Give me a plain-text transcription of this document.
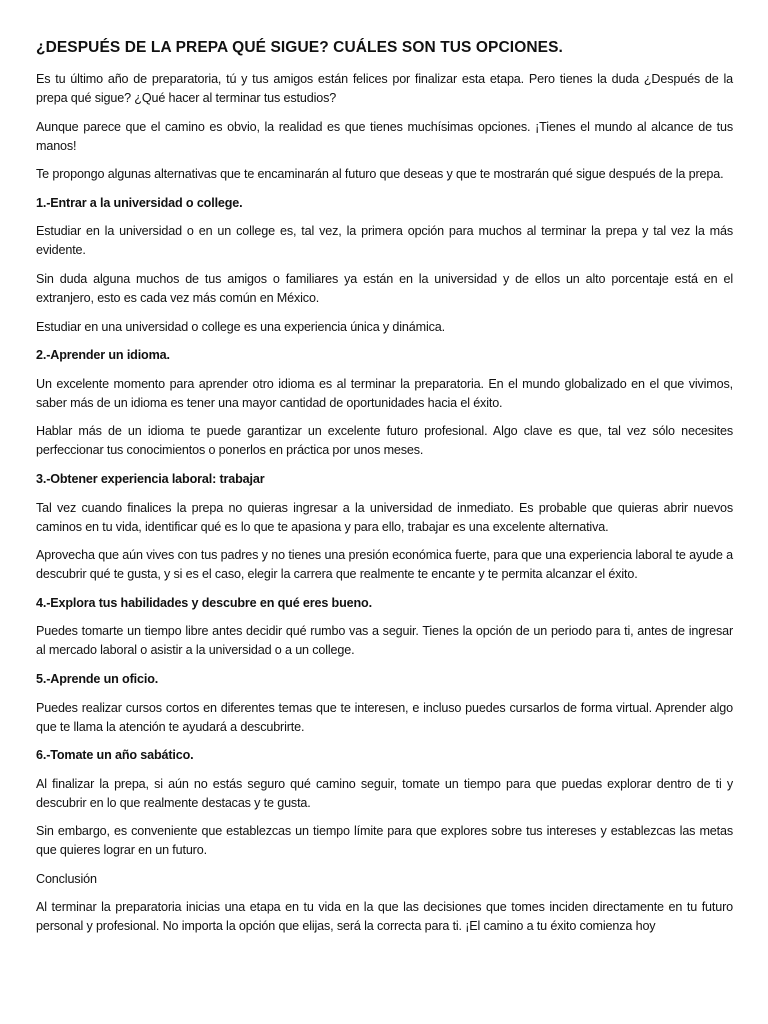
¿DESPUÉS DE LA PREPA QUÉ SIGUE? CUÁLES SON TUS OPCIONES.

Es tu último año de preparatoria, tú y tus amigos están felices por finalizar esta etapa. Pero tienes la duda ¿Después de la prepa qué sigue? ¿Qué hacer al terminar tus estudios?

Aunque parece que el camino es obvio, la realidad es que tienes muchísimas opciones. ¡Tienes el mundo al alcance de tus manos!

Te propongo algunas alternativas que te encaminarán al futuro que deseas y que te mostrarán qué sigue después de la prepa.

1.-Entrar a la universidad o college.

Estudiar en la universidad o en un college es, tal vez, la primera opción para muchos al terminar la prepa y tal vez la más evidente.

Sin duda alguna muchos de tus amigos o familiares ya están en la universidad y de ellos un alto porcentaje está en el extranjero, esto es cada vez más común en México.

Estudiar en una universidad o college es una experiencia única y dinámica.

2.-Aprender un idioma.

Un excelente momento para aprender otro idioma es al terminar la preparatoria. En el mundo globalizado en el que vivimos, saber más de un idioma es tener una mayor cantidad de oportunidades hacia el éxito.

Hablar más de un idioma te puede garantizar un excelente futuro profesional. Algo clave es que, tal vez sólo necesites perfeccionar tus conocimientos o ponerlos en práctica por unos meses.

3.-Obtener experiencia laboral: trabajar

Tal vez cuando finalices la prepa no quieras ingresar a la universidad de inmediato. Es probable que quieras abrir nuevos caminos en tu vida, identificar qué es lo que te apasiona y para ello, trabajar es una excelente alternativa.

Aprovecha que aún vives con tus padres y no tienes una presión económica fuerte, para que una experiencia laboral te ayude a descubrir qué te gusta, y si es el caso, elegir la carrera que realmente te encante y te permita alcanzar el éxito.

4.-Explora tus habilidades y descubre en qué eres bueno.

Puedes tomarte un tiempo libre antes decidir qué rumbo vas a seguir. Tienes la opción de un periodo para ti, antes de ingresar al mercado laboral o asistir a la universidad o a un college.

5.-Aprende un oficio.

Puedes realizar cursos cortos en diferentes temas que te interesen, e incluso puedes cursarlos de forma virtual. Aprender algo que te llama la atención te ayudará a descubrirte.

6.-Tomate un año sabático.

Al finalizar la prepa, si aún no estás seguro qué camino seguir, tomate un tiempo para que puedas explorar dentro de ti y descubrir en lo que realmente destacas y te gusta.

Sin embargo, es conveniente que establezcas un tiempo límite para que explores sobre tus intereses y establezcas las metas que quieres lograr en un futuro.

Conclusión

Al terminar la preparatoria inicias una etapa en tu vida en la que las decisiones que tomes inciden directamente en tu futuro personal y profesional. No importa la opción que elijas, será la correcta para ti. ¡El camino a tu éxito comienza hoy
